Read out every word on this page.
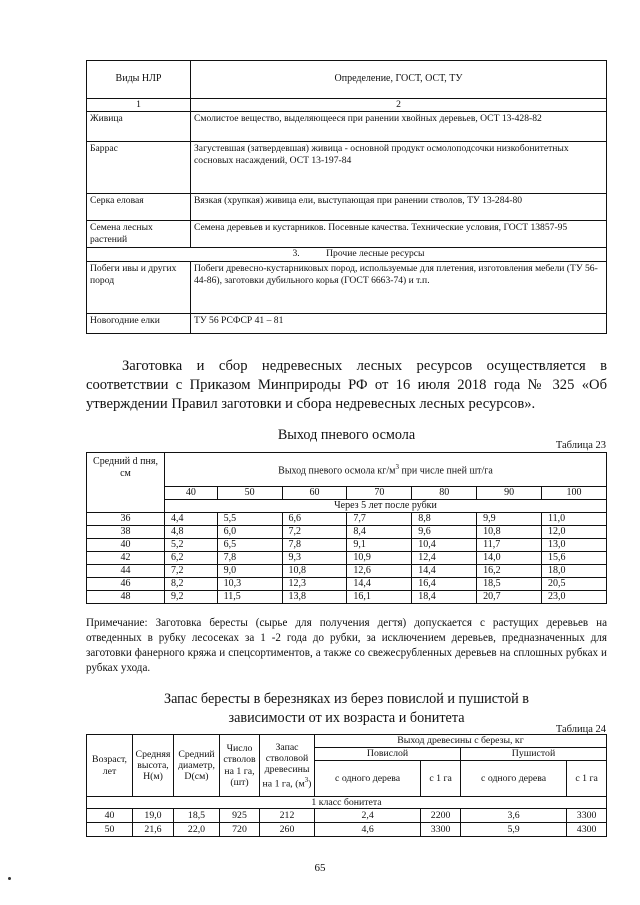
Виды НЛР	Определение, ГОСТ, ОСТ, ТУ
1	2
Живица	Смолистое вещество, выделяющееся при ранении хвойных деревьев, ОСТ 13-428-82
Баррас	Загустевшая (затвердевшая) живица - основной продукт осмолоподсочки низкобонитетных сосновых насаждений, ОСТ 13-197-84
Серка еловая	Вязкая (хрупкая) живица ели, выступающая при ранении стволов, ТУ 13-284-80
Семена лесных растений	Семена деревьев и кустарников. Посевные качества. Технические условия, ГОСТ 13857-95
3. Прочие лесные ресурсы	
Побеги ивы и других пород	Побеги древесно-кустарниковых пород, используемые для плетения, изготовления мебели (ТУ 56-44-86), заготовки дубильного корья (ГОСТ 6663-74) и т.п.
Новогодние елки	ТУ 56 РСФСР 41 – 81
Заготовка и сбор недревесных лесных ресурсов осуществляется в соответствии с Приказом Минприроды РФ от 16 июля 2018 года № 325 «Об утверждении Правил заготовки и сбора недревесных лесных ресурсов».
Выход пневого осмола
Таблица 23
Средний d пня, см	Выход пневого осмола $кг/м^3$ при числе пней шт/га						
	40	50	60	70	80	90	100
	Через 5 лет после рубки						
36	4,4	5,5	6,6	7,7	8,8	9,9	11,0
38	4,8	6,0	7,2	8,4	9,6	10,8	12,0
40	5,2	6,5	7,8	9,1	10,4	11,7	13,0
42	6,2	7,8	9,3	10,9	12,4	14,0	15,6
44	7,2	9,0	10,8	12,6	14,4	16,2	18,0
46	8,2	10,3	12,3	14,4	16,4	18,5	20,5
48	9,2	11,5	13,8	16,1	18,4	20,7	23,0
Примечание: Заготовка бересты (сырье для получения дегтя) допускается с растущих деревьев на отведенных в рубку лесосеках за 1 -2 года до рубки, за исключением деревьев, предназначенных для заготовки фанерного кряжа и спецсортиментов, а также со свежесрубленных деревьев на сплошных рубках и рубках ухода.
Запас бересты в березняках из берез повислой и пушистой в
зависимости от их возраста и бонитета
Таблица 24
Возраст, лет	Средняя высота, H(м)	Средний диаметр, D(см)	Число стволов на 1 га, (шт)	Запас стволовой древесины на 1 га, $(м^3)$	Выход древесины с березы, кг			
					Повислой		Пушистой	
					с одного дерева	с 1 га	с одного дерева	с 1 га
1 класс бонитета								
40	19,0	18,5	925	212	2,4	2200	3,6	3300
50	21,6	22,0	720	260	4,6	3300	5,9	4300
65
